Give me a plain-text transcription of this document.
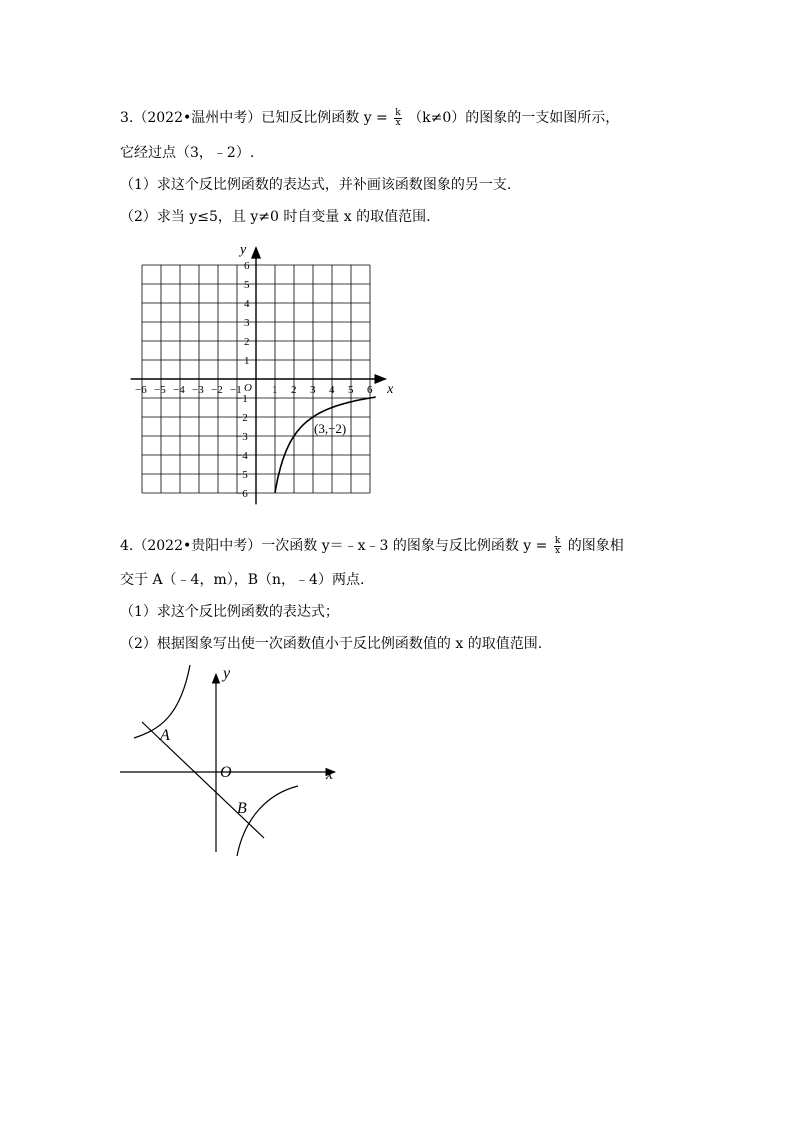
3.（2022•温州中考）已知反比例函数 $y = \frac{k}{x} (k\ne 0)$的图象的一支如图所示，
它经过点（3，﹣2）.
（1）求这个反比例函数的表达式，并补画该函数图象的另一支.
（2）求当 y≤5，且 y≠0 时自变量 x 的取值范围.
−6 −5 −4 −3 −2 −1	1 2 3 4 5 6
6
5
4
3
2
1
−1
−2
−3
−4
−5
−6
x
y
O
(3,−2)
4.（2022•贵阳中考）一次函数 y＝﹣x﹣3 的图象与反比例函数 $y = \frac{k}{x}$ 的图象相
交于 A（﹣4，m），B（n，﹣4）两点.
（1）求这个反比例函数的表达式；
（2）根据图象写出使一次函数值小于反比例函数值的 x 的取值范围.
A
B
O	x
y
